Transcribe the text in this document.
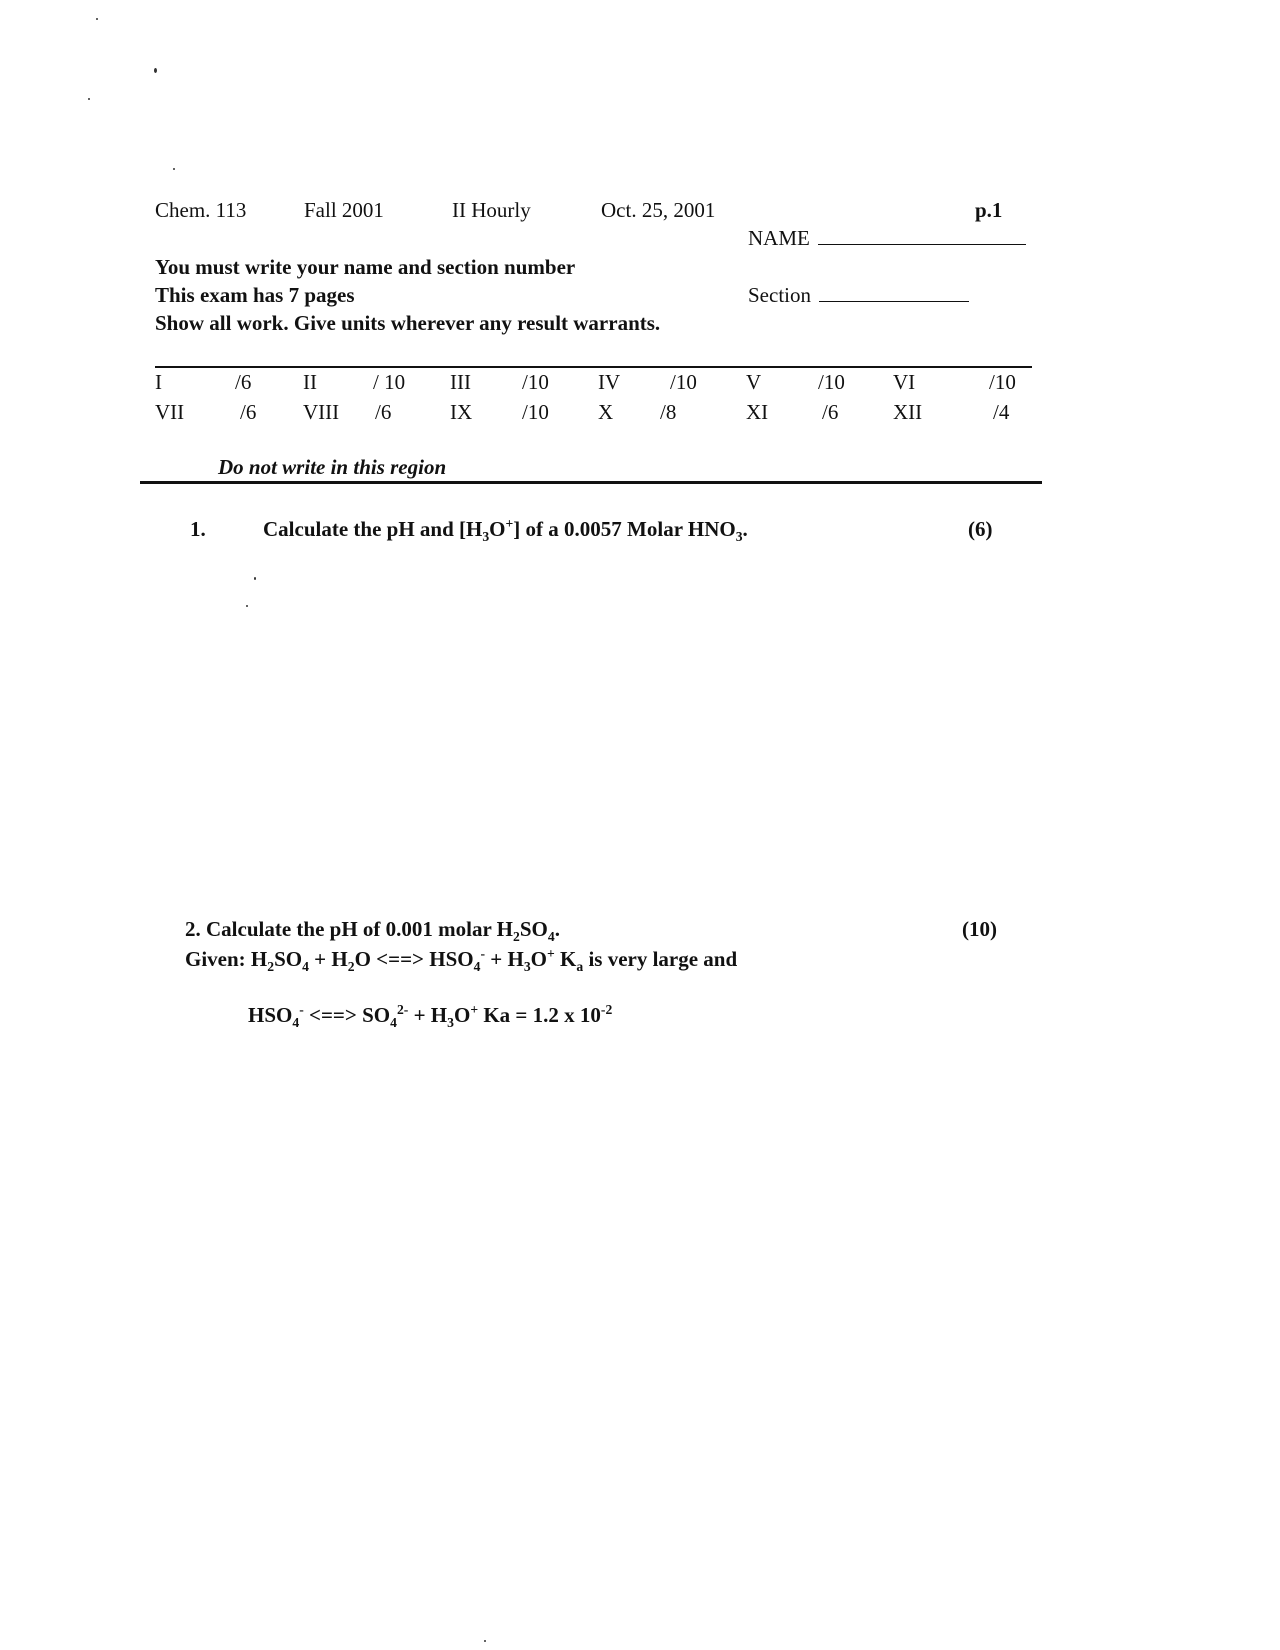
Chem. 113	Fall 2001	II Hourly	Oct. 25, 2001	p.1
NAME
You must write your name and section number
This exam has 7 pages
Show all work. Give units wherever any result warrants.
Section
I	/6 II	/ 10 III /10 IV /10 V	/10 VI	/10
VII	/6 VIII /6	IX /10 X /8	XI	/6	XII	/4
Do not write in this region
1.	Calculate the pH and $[H_3O^+]$ of a 0.0057 Molar $HNO_3$.	(6)
2. Calculate the pH of 0.001 molar $H_2SO_4$.	(10)
Given: $H_2SO_4 + H_2O$ <==> $HSO_4^- + H_3O^+$ $K_a$ is very large and
$HSO_4^-$ <==> $SO_4^{2-} + H_3O^+$ Ka = 1.2 x $10^{-2}$
